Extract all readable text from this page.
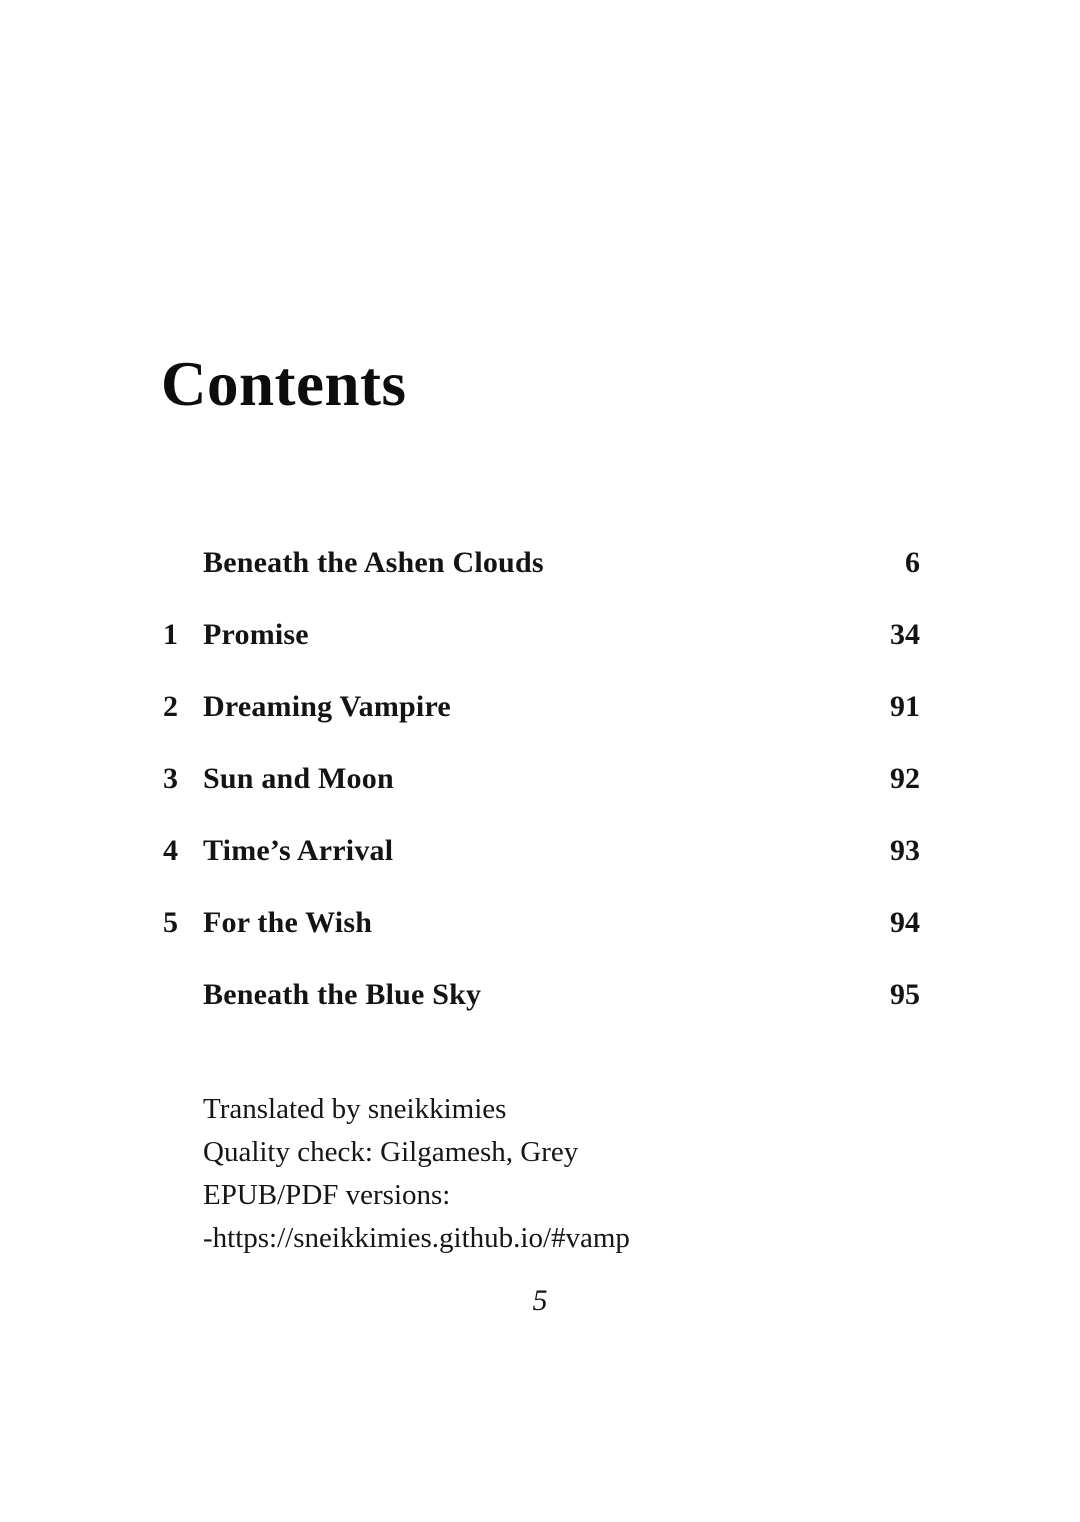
Contents
Beneath the Ashen Clouds	6
1 Promise	34
2 Dreaming Vampire	91
3 Sun and Moon	92
4 Time’s Arrival	93
5 For the Wish	94
Beneath the Blue Sky	95
Translated by sneikkimies
Quality check: Gilgamesh, Grey
EPUB/PDF versions:
-https://sneikkimies.github.io/#vamp
5
